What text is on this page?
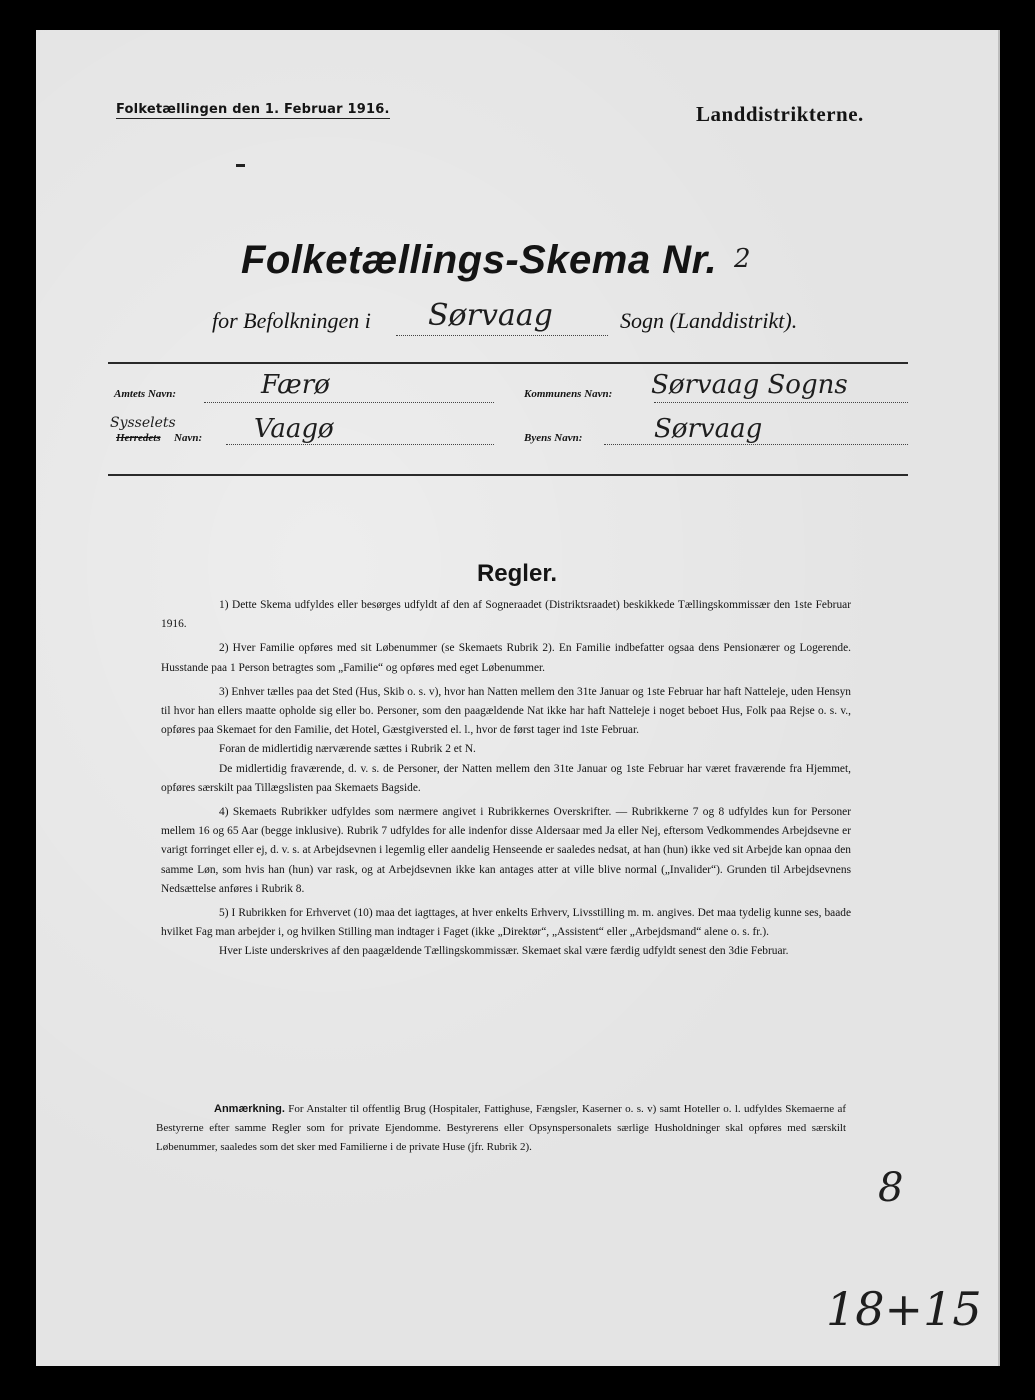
Folketællingen den 1. Februar 1916.	Landdistrikterne.
Folketællings-Skema Nr. 2
for Befolkningen i Sørvaag	Sogn (Landdistrikt).
Amtets Navn:	Færø	Kommunens Navn: Sørvaag Sogns
Sysselets
Herredets Navn: Vaagø	Byens Navn:	Sørvaag
Regler.

1) Dette Skema udfyldes eller besørges udfyldt af den af Sogneraadet (Distriktsraadet) beskikkede Tællingskommissær den 1ste Februar 1916.

2) Hver Familie opføres med sit Løbenummer (se Skemaets Rubrik 2). En Familie indbefatter ogsaa dens Pensionærer og Logerende. Husstande paa 1 Person betragtes som „Familie“ og opføres med eget Løbenummer.

3) Enhver tælles paa det Sted (Hus, Skib o. s. v), hvor han Natten mellem den 31te Januar og 1ste Februar har haft Natteleje, uden Hensyn til hvor han ellers maatte opholde sig eller bo. Personer, som den paagældende Nat ikke har haft Natteleje i noget beboet Hus, Folk paa Rejse o. s. v., opføres paa Skemaet for den Familie, det Hotel, Gæstgiversted el. l., hvor de først tager ind 1ste Februar.

Foran de midlertidig nærværende sættes i Rubrik 2 et N.

De midlertidig fraværende, d. v. s. de Personer, der Natten mellem den 31te Januar og 1ste Februar har været fraværende fra Hjemmet, opføres særskilt paa Tillægslisten paa Skemaets Bagside.

4) Skemaets Rubrikker udfyldes som nærmere angivet i Rubrikkernes Overskrifter. — Rubrikkerne 7 og 8 udfyldes kun for Personer mellem 16 og 65 Aar (begge inklusive). Rubrik 7 udfyldes for alle indenfor disse Aldersaar med Ja eller Nej, eftersom Vedkommendes Arbejdsevne er varigt forringet eller ej, d. v. s. at Arbejdsevnen i legemlig eller aandelig Henseende er saaledes nedsat, at han (hun) ikke ved sit Arbejde kan opnaa den samme Løn, som hvis han (hun) var rask, og at Arbejdsevnen ikke kan antages atter at ville blive normal („Invalider“). Grunden til Arbejdsevnens Nedsættelse anføres i Rubrik 8.

5) I Rubrikken for Erhvervet (10) maa det iagttages, at hver enkelts Erhverv, Livsstilling m. m. angives. Det maa tydelig kunne ses, baade hvilket Fag man arbejder i, og hvilken Stilling man indtager i Faget (ikke „Direktør“, „Assistent“ eller „Arbejdsmand“ alene o. s. fr.).

Hver Liste underskrives af den paagældende Tællingskommissær. Skemaet skal være færdig udfyldt senest den 3die Februar.

Anmærkning. For Anstalter til offentlig Brug (Hospitaler, Fattighuse, Fængsler, Kaserner o. s. v) samt Hoteller o. l. udfyldes Skemaerne af Bestyrerne efter samme Regler som for private Ejendomme. Bestyrerens eller Opsynspersonalets særlige Husholdninger skal opføres med særskilt Løbenummer, saaledes som det sker med Familierne i de private Huse (jfr. Rubrik 2).

8
18+15
